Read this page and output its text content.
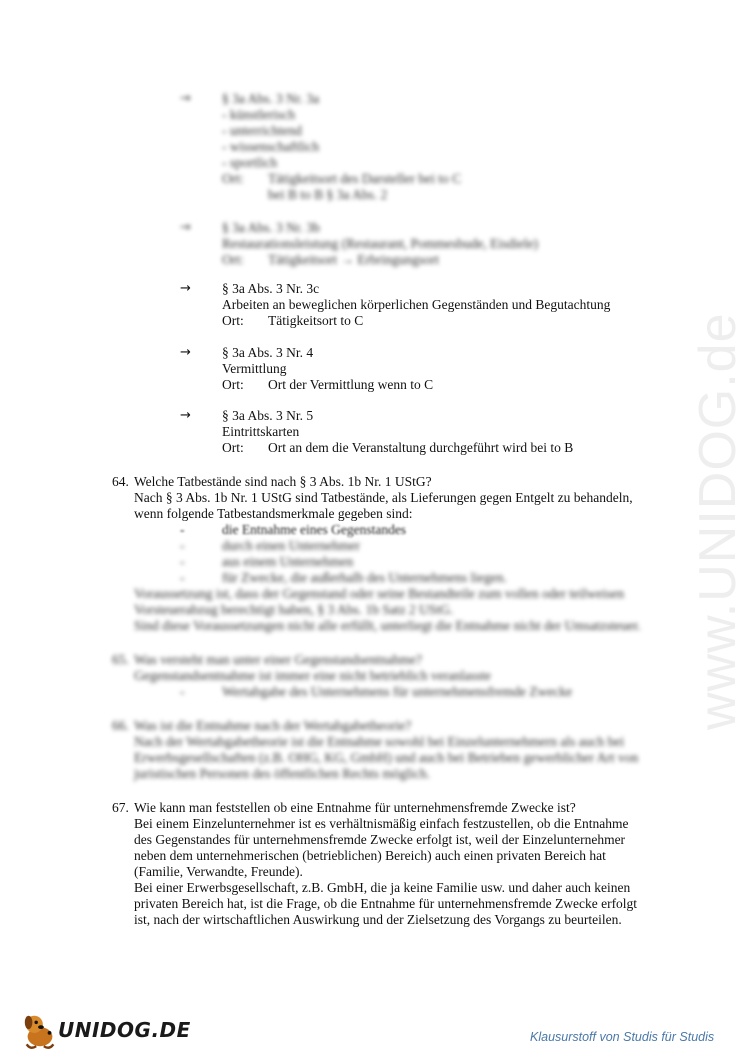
www.UNIDOG.de
→ § 3a Abs. 3 Nr. 3a
- künstlerisch
- unterrichtend
- wissenschaftlich
- sportlich
Ort: Tätigkeitsort des Darsteller bei to C
bei B to B § 3a Abs. 2
→ § 3a Abs. 3 Nr. 3b
Restaurationsleistung (Restaurant, Pommesbude, Eisdiele)
Ort: Tätigkeitsort → Erbringungsort
→ § 3a Abs. 3 Nr. 3c
Arbeiten an beweglichen körperlichen Gegenständen und Begutachtung
Ort: Tätigkeitsort to C
→ § 3a Abs. 3 Nr. 4
Vermittlung
Ort: Ort der Vermittlung wenn to C
→ § 3a Abs. 3 Nr. 5
Eintrittskarten
Ort: Ort an dem die Veranstaltung durchgeführt wird bei to B
64. Welche Tatbestände sind nach § 3 Abs. 1b Nr. 1 UStG?
Nach § 3 Abs. 1b Nr. 1 UStG sind Tatbestände, als Lieferungen gegen Entgelt zu behandeln,
wenn folgende Tatbestandsmerkmale gegeben sind:
-	die Entnahme eines Gegenstandes
-	durch einen Unternehmer
-	aus einem Unternehmen
-	für Zwecke, die außerhalb des Unternehmens liegen.
Voraussetzung ist, dass der Gegenstand oder seine Bestandteile zum vollen oder teilweisen
Vorsteuerabzug berechtigt haben, § 3 Abs. 1b Satz 2 UStG.
Sind diese Voraussetzungen nicht alle erfüllt, unterliegt die Entnahme nicht der Umsatzsteuer.
65. Was versteht man unter einer Gegenstandsentnahme?
Gegenstandsentnahme ist immer eine nicht betrieblich veranlasste
-	Wertabgabe des Unternehmens für unternehmensfremde Zwecke
66. Was ist die Entnahme nach der Wertabgabetheorie?
Nach der Wertabgabetheorie ist die Entnahme sowohl bei Einzelunternehmern als auch bei
Erwerbsgesellschaften (z.B. OHG, KG, GmbH) und auch bei Betrieben gewerblicher Art von
juristischen Personen des öffentlichen Rechts möglich.
67. Wie kann man feststellen ob eine Entnahme für unternehmensfremde Zwecke ist?
Bei einem Einzelunternehmer ist es verhältnismäßig einfach festzustellen, ob die Entnahme
des Gegenstandes für unternehmensfremde Zwecke erfolgt ist, weil der Einzelunternehmer
neben dem unternehmerischen (betrieblichen) Bereich) auch einen privaten Bereich hat
(Familie, Verwandte, Freunde).
Bei einer Erwerbsgesellschaft, z.B. GmbH, die ja keine Familie usw. und daher auch keinen
privaten Bereich hat, ist die Frage, ob die Entnahme für unternehmensfremde Zwecke erfolgt
ist, nach der wirtschaftlichen Auswirkung und der Zielsetzung des Vorgangs zu beurteilen.
UNIDOG.DE	Klausurstoff von Studis für Studis
